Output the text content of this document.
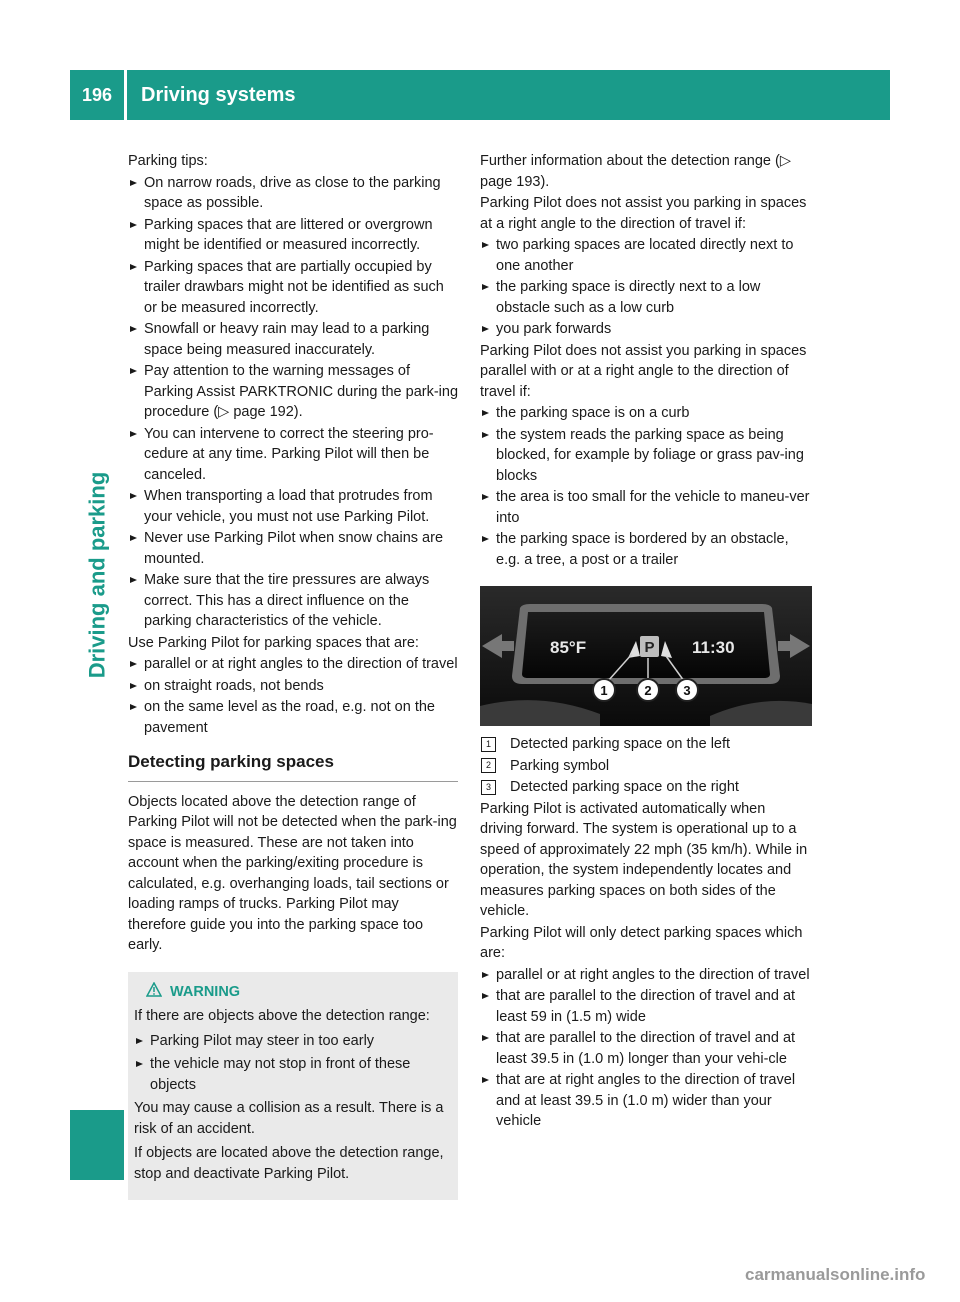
196	Driving systems
Driving and parking

Parking tips:

On narrow roads, drive as close to the parking space as possible.
Parking spaces that are littered or overgrown might be identified or measured incorrectly.
Parking spaces that are partially occupied by trailer drawbars might not be identified as such or be measured incorrectly.
Snowfall or heavy rain may lead to a parking space being measured inaccurately.
Pay attention to the warning messages of Parking Assist PARKTRONIC during the park-ing procedure (▷ page 192).
You can intervene to correct the steering pro-cedure at any time. Parking Pilot will then be canceled.
When transporting a load that protrudes from your vehicle, you must not use Parking Pilot.
Never use Parking Pilot when snow chains are mounted.
Make sure that the tire pressures are always correct. This has a direct influence on the parking characteristics of the vehicle.

Use Parking Pilot for parking spaces that are:

parallel or at right angles to the direction of travel
on straight roads, not bends
on the same level as the road, e.g. not on the pavement
Detecting parking spaces

Objects located above the detection range of Parking Pilot will not be detected when the park-ing space is measured. These are not taken into account when the parking/exiting procedure is calculated, e.g. overhanging loads, tail sections or loading ramps of trucks. Parking Pilot may therefore guide you into the parking space too early.

WARNING

If there are objects above the detection range:

Parking Pilot may steer in too early
the vehicle may not stop in front of these objects

You may cause a collision as a result. There is a risk of an accident.

If objects are located above the detection range, stop and deactivate Parking Pilot.

Further information about the detection range (▷ page 193).

Parking Pilot does not assist you parking in spaces at a right angle to the direction of travel if:

two parking spaces are located directly next to one another
the parking space is directly next to a low obstacle such as a low curb
you park forwards

Parking Pilot does not assist you parking in spaces parallel with or at a right angle to the direction of travel if:

the parking space is on a curb
the system reads the parking space as being blocked, for example by foliage or grass pav-ing blocks
the area is too small for the vehicle to maneu-ver into
the parking space is bordered by an obstacle, e.g. a tree, a post or a trailer
85°F	P 11:30
1	2 3
1	Detected parking space on the left
2	Parking symbol
3	Detected parking space on the right

Parking Pilot is activated automatically when driving forward. The system is operational up to a speed of approximately 22 mph (35 km/h). While in operation, the system independently locates and measures parking spaces on both sides of the vehicle.

Parking Pilot will only detect parking spaces which are:

parallel or at right angles to the direction of travel
that are parallel to the direction of travel and at least 59 in (1.5 m) wide
that are parallel to the direction of travel and at least 39.5 in (1.0 m) longer than your vehi-cle
that are at right angles to the direction of travel and at least 39.5 in (1.0 m) wider than your vehicle
carmanualsonline.info
